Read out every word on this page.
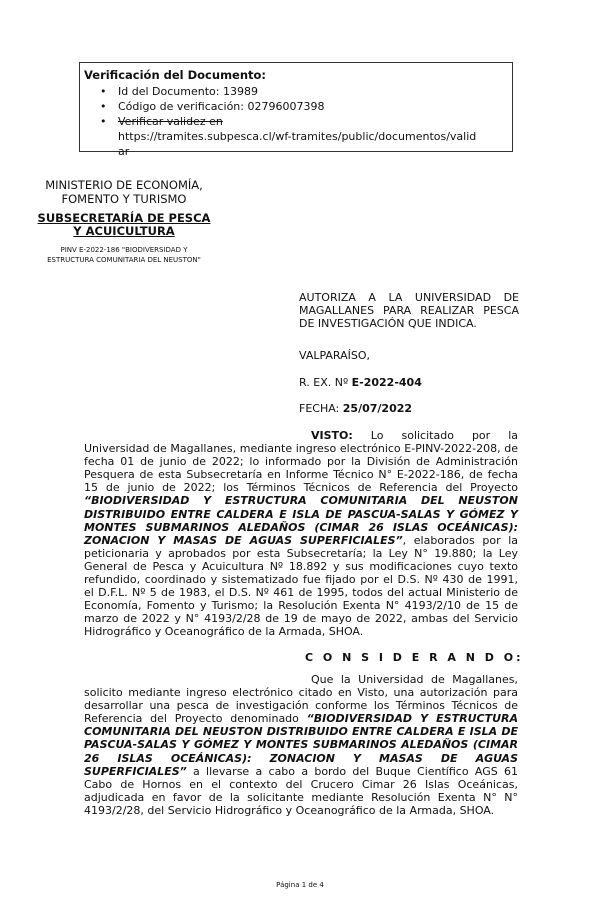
Verificación del Documento:
• Id del Documento: 13989
• Código de verificación: 02796007398
• Verificar validez en
https://tramites.subpesca.cl/wf-tramites/public/documentos/valid
ar
MINISTERIO DE ECONOMÍA,
FOMENTO Y TURISMO
SUBSECRETARÍA DE PESCA
Y ACUICULTURA
PINV E-2022-186 "BIODIVERSIDAD Y
ESTRUCTURA COMUNITARIA DEL NEUSTON"
AUTORIZA A LA UNIVERSIDAD DE MAGALLANES PARA REALIZAR PESCA DE INVESTIGACIÓN QUE INDICA.
VALPARAÍSO,
R. EX. Nº E-2022-404
FECHA: 25/07/2022
VISTO: Lo solicitado por la Universidad de Magallanes, mediante ingreso electrónico E-PINV-2022-208, de fecha 01 de junio de 2022; lo informado por la División de Administración Pesquera de esta Subsecretaría en Informe Técnico N° E-2022-186, de fecha 15 de junio de 2022; los Términos Técnicos de Referencia del Proyecto “BIODIVERSIDAD Y ESTRUCTURA COMUNITARIA DEL NEUSTON DISTRIBUIDO ENTRE CALDERA E ISLA DE PASCUA-SALAS Y GÓMEZ Y MONTES SUBMARINOS ALEDAÑOS (CIMAR 26 ISLAS OCEÁNICAS): ZONACION Y MASAS DE AGUAS SUPERFICIALES”, elaborados por la peticionaria y aprobados por esta Subsecretaría; la Ley N° 19.880; la Ley General de Pesca y Acuicultura Nº 18.892 y sus modificaciones cuyo texto refundido, coordinado y sistematizado fue fijado por el D.S. Nº 430 de 1991, el D.F.L. Nº 5 de 1983, el D.S. Nº 461 de 1995, todos del actual Ministerio de Economía, Fomento y Turismo; la Resolución Exenta N° 4193/2/10 de 15 de marzo de 2022 y N° 4193/2/28 de 19 de mayo de 2022, ambas del Servicio Hidrográfico y Oceanográfico de la Armada, SHOA.
C O N S I D E R A N D O:
Que la Universidad de Magallanes, solicito mediante ingreso electrónico citado en Visto, una autorización para desarrollar una pesca de investigación conforme los Términos Técnicos de Referencia del Proyecto denominado “BIODIVERSIDAD Y ESTRUCTURA COMUNITARIA DEL NEUSTON DISTRIBUIDO ENTRE CALDERA E ISLA DE PASCUA-SALAS Y GÓMEZ Y MONTES SUBMARINOS ALEDAÑOS (CIMAR 26 ISLAS OCEÁNICAS): ZONACION Y MASAS DE AGUAS SUPERFICIALES” a llevarse a cabo a bordo del Buque Científico AGS 61 Cabo de Hornos en el contexto del Crucero Cimar 26 Islas Oceánicas, adjudicada en favor de la solicitante mediante Resolución Exenta N° N° 4193/2/28, del Servicio Hidrográfico y Oceanográfico de la Armada, SHOA.
Página 1 de 4
